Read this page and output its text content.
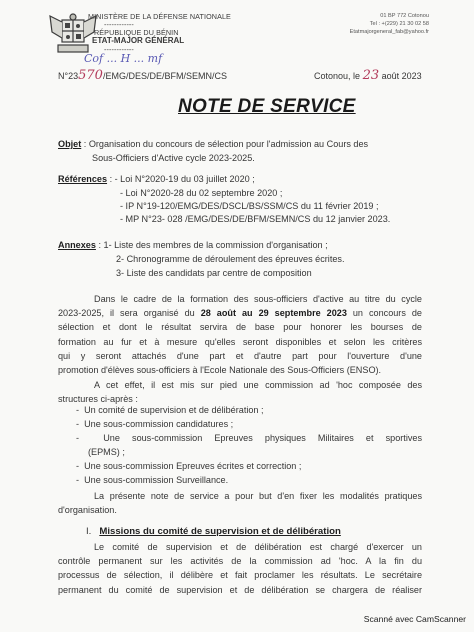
MINISTÈRE DE LA DÉFENSE NATIONALE
------------
RÉPUBLIQUE DU BÉNIN
ETAT-MAJOR GÉNÉRAL
------------
Cof ... H ... mf
N°23570/EMG/DES/DE/BFM/SEMN/CS
01 BP 772 Cotonou
Tel : +(229) 21 30 02 58
Etatmajorgeneral_fab@yahoo.fr
Cotonou, le 23 août 2023
NOTE DE SERVICE
Objet : Organisation du concours de sélection pour l'admission au Cours des
Sous-Officiers d'Active cycle 2023-2025.
Références : - Loi N°2020-19 du 03 juillet 2020 ;
- Loi N°2020-28 du 02 septembre 2020 ;
- IP N°19-120/EMG/DES/DSCL/BS/SSM/CS du 11 février 2019 ;
- MP N°23- 028 /EMG/DES/DE/BFM/SEMN/CS du 12 janvier 2023.
Annexes : 1- Liste des membres de la commission d'organisation ;
2- Chronogramme de déroulement des épreuves écrites.
3- Liste des candidats par centre de composition
Dans le cadre de la formation des sous-officiers d'active au titre du cycle
2023-2025, il sera organisé du 28 août au 29 septembre 2023 un concours de
sélection et dont le résultat servira de base pour honorer les bourses de
formation au fur et à mesure qu'elles seront disponibles et selon les critères
qui y seront attachés d'une part et d'autre part pour l'ouverture d'une
promotion d'élèves sous-officiers à l'Ecole Nationale des Sous-Officiers (ENSO).
A cet effet, il est mis sur pied une commission ad 'hoc composée des
structures ci-après :
-  Un comité de supervision et de délibération ;
-  Une sous-commission candidatures ;
-  Une sous-commission Epreuves physiques Militaires et sportives
(EPMS) ;
-  Une sous-commission Epreuves écrites et correction ;
-  Une sous-commission Surveillance.
La présente note de service a pour but d'en fixer les modalités pratiques
d'organisation.
I. Missions du comité de supervision et de délibération
Le comité de supervision et de délibération est chargé d'exercer un
contrôle permanent sur les activités de la commission ad 'hoc. A la fin du
processus de sélection, il délibère et fait proclamer les résultats. Le secrétaire
permanent du comité de supervision et de délibération se chargera de réaliser
Scanné avec CamScanner
